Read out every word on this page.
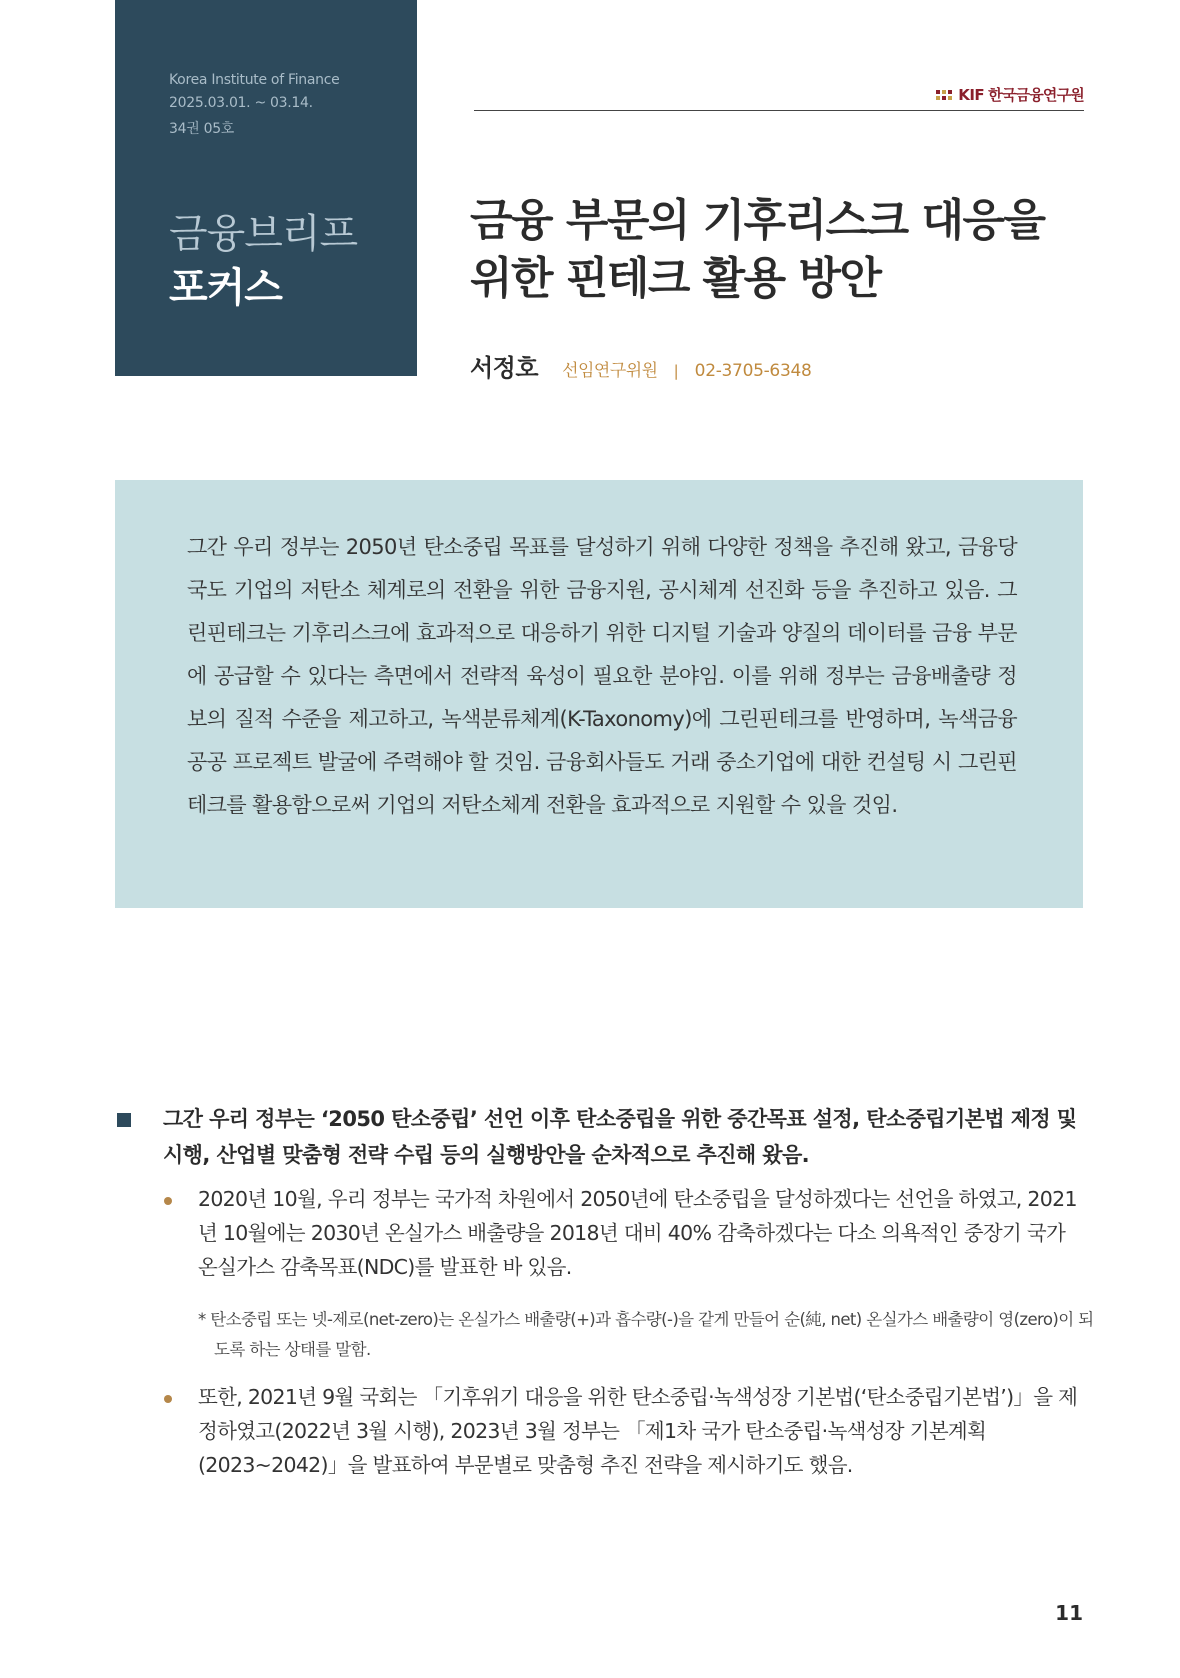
Korea Institute of Finance
2025.03.01. ~ 03.14.
34권 05호
금융브리프
포커스
KIF 한국금융연구원
금융 부문의 기후리스크 대응을
위한 핀테크 활용 방안
서정호 선임연구위원 | 02-3705-6348
그간 우리 정부는 2050년 탄소중립 목표를 달성하기 위해 다양한 정책을 추진해 왔고, 금융당국도 기업의 저탄소 체계로의 전환을 위한 금융지원, 공시체계 선진화 등을 추진하고 있음. 그린핀테크는 기후리스크에 효과적으로 대응하기 위한 디지털 기술과 양질의 데이터를 금융 부문에 공급할 수 있다는 측면에서 전략적 육성이 필요한 분야임. 이를 위해 정부는 금융배출량 정보의 질적 수준을 제고하고, 녹색분류체계(K-Taxonomy)에 그린핀테크를 반영하며, 녹색금융 공공 프로젝트 발굴에 주력해야 할 것임. 금융회사들도 거래 중소기업에 대한 컨설팅 시 그린핀테크를 활용함으로써 기업의 저탄소체계 전환을 효과적으로 지원할 수 있을 것임.
그간 우리 정부는 ‘2050 탄소중립’ 선언 이후 탄소중립을 위한 중간목표 설정, 탄소중립기본법 제정 및 시행, 산업별 맞춤형 전략 수립 등의 실행방안을 순차적으로 추진해 왔음.
2020년 10월, 우리 정부는 국가적 차원에서 2050년에 탄소중립을 달성하겠다는 선언을 하였고, 2021년 10월에는 2030년 온실가스 배출량을 2018년 대비 40% 감축하겠다는 다소 의욕적인 중장기 국가온실가스 감축목표(NDC)를 발표한 바 있음.
* 탄소중립 또는 넷-제로(net-zero)는 온실가스 배출량(+)과 흡수량(-)을 같게 만들어 순(純, net) 온실가스 배출량이 영(zero)이 되도록 하는 상태를 말함.
또한, 2021년 9월 국회는 「기후위기 대응을 위한 탄소중립·녹색성장 기본법(‘탄소중립기본법’)」을 제정하였고(2022년 3월 시행), 2023년 3월 정부는 「제1차 국가 탄소중립·녹색성장 기본계획(2023~2042)」을 발표하여 부문별로 맞춤형 추진 전략을 제시하기도 했음.
11
